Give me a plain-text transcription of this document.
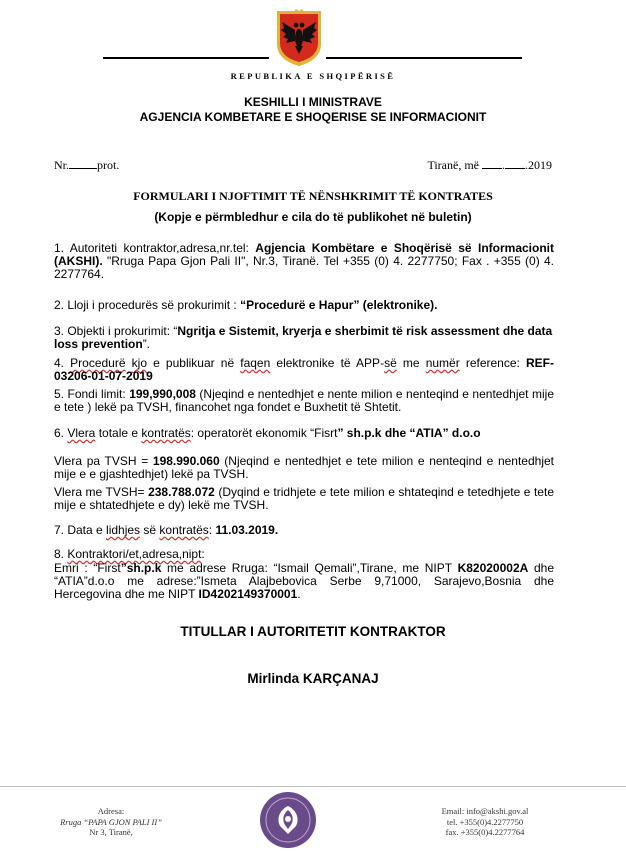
REPUBLIKA E SHQIPËRISË
KESHILLI I MINISTRAVE
AGJENCIA KOMBETARE E SHOQERISE SE INFORMACIONIT
Nr. prot.	Tiranë, më . .2019
FORMULARI I NJOFTIMIT TË NËNSHKRIMIT TË KONTRATES
(Kopje e përmbledhur e cila do të publikohet në buletin)
1. Autoriteti kontraktor,adresa,nr.tel: Agjencia Kombëtare e Shoqërisë së Informacionit (AKSHI). "Rruga Papa Gjon Pali II", Nr.3, Tiranë. Tel +355 (0) 4. 2277750; Fax . +355 (0) 4. 2277764.
2. Lloji i procedurës së prokurimit : “Procedurë e Hapur” (elektronike).
3. Objekti i prokurimit: “Ngritja e Sistemit, kryerja e sherbimit të risk assessment dhe data loss prevention”.
4. Procedurë kjo e publikuar në faqen elektronike të APP-së me numër reference: REF-03206-01-07-2019
5. Fondi limit: 199,990,008 (Njeqind e nentedhjet e nente milion e nenteqind e nentedhjet mije e tete ) lekë pa TVSH, financohet nga fondet e Buxhetit të Shtetit.
6. Vlera totale e kontratës: operatorët ekonomik “Fisrt” sh.p.k dhe “ATIA” d.o.o
Vlera pa TVSH = 198.990.060 (Njeqind e nentedhjet e tete milion e nenteqind e nentedhjet mije e e gjashtedhjet) lekë pa TVSH.
Vlera me TVSH= 238.788.072 (Dyqind e tridhjete e tete milion e shtateqind e tetedhjete e tete mije e shtatedhjete e dy) lekë me TVSH.
7. Data e lidhjes së kontratës: 11.03.2019.
8. Kontraktori/et,adresa,nipt:
Emri : “First”sh.p.k me adrese Rruga: “Ismail Qemali”,Tirane, me NIPT K82020002A dhe “ATIA”d.o.o me adrese:”Ismeta Alajbebovica Serbe 9,71000, Sarajevo,Bosnia dhe Hercegovina dhe me NIPT ID4202149370001.
TITULLAR I AUTORITETIT KONTRAKTOR
Mirlinda KARÇANAJ
Adresa:
Rruga “PAPA GJON PALI II”
Nr 3, Tiranë,
Email: info@akshi.gov.al
tel. +355(0)4.2277750
fax. +355(0)4.2277764
